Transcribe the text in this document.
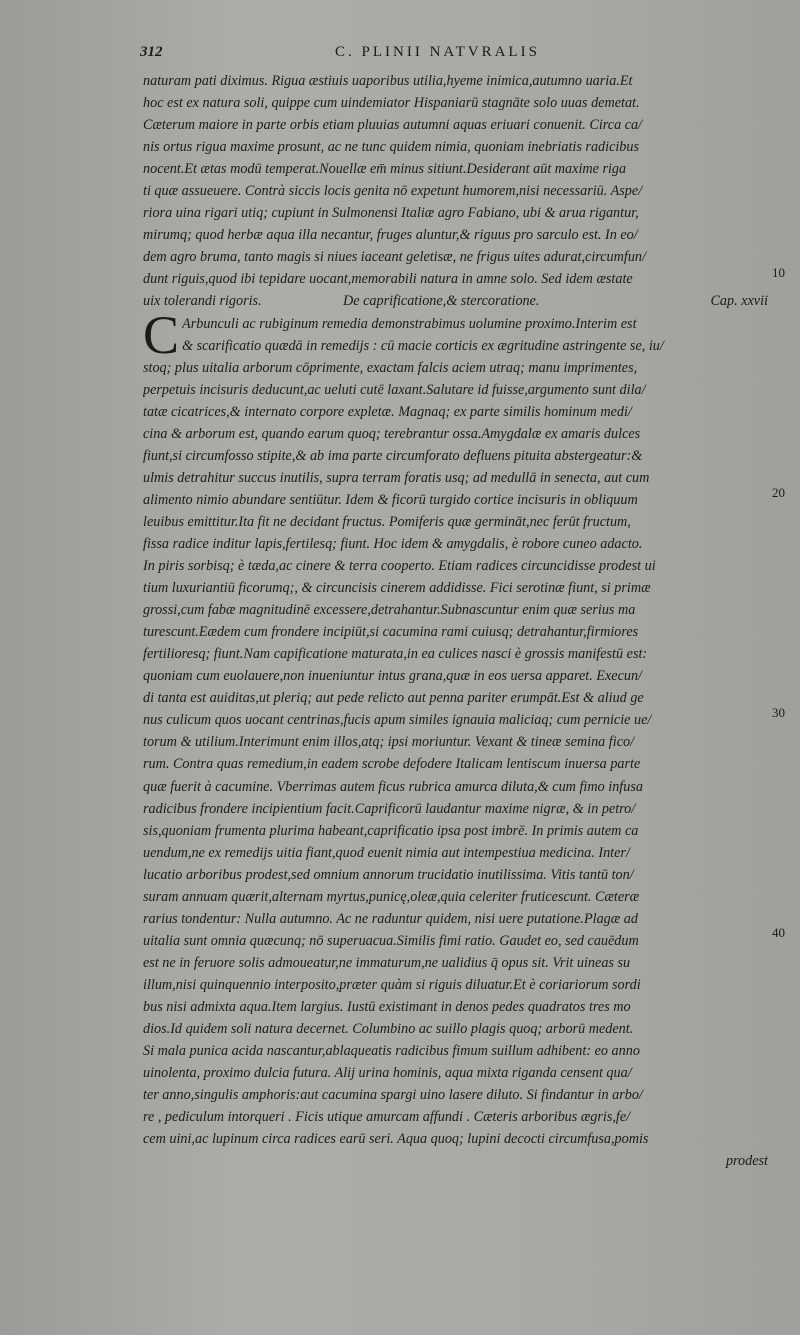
312	C. PLINII NATVRALIS
naturam pati diximus. Rigua æstiuis uaporibus utilia,hyeme inimica,autumno uaria.Et
hoc est ex natura soli, quippe cum uindemiator Hispaniarū stagnāte solo uuas demetat.
Cæterum maiore in parte orbis etiam pluuias autumni aquas eriuari conuenit. Circa ca/
nis ortus rigua maxime prosunt, ac ne tunc quidem nimia, quoniam inebriatis radicibus
nocent.Et ætas modū temperat.Nouellæ em̄ minus sitiunt.Desiderant aūt maxime riga
ti quæ assueuere. Contrà siccis locis genita nō expetunt humorem,nisi necessariū. Aspe/
riora uina rigari utiq; cupiunt in Sulmonensi Italiæ agro Fabiano, ubi & arua rigantur,
mirumq; quod herbæ aqua illa necantur, fruges aluntur,& riguus pro sarculo est. In eo/
dem agro bruma, tanto magis si niues iaceant geletisæ, ne frigus uites adurat,circumfun/
dunt riguis,quod ibi tepidare uocant,memorabili natura in amne solo. Sed idem æstate
uix tolerandi rigoris.	De caprificatione,& stercoratione.	Cap. xxvii
C Arbunculi ac rubiginum remedia demonstrabimus uolumine proximo.Interim est
& scarificatio quædā in remedijs : cū macie corticis ex ægritudine astringente se, iu/
stoq; plus uitalia arborum cōprimente, exactam falcis aciem utraq; manu imprimentes,
perpetuis incisuris deducunt,ac ueluti cutē laxant.Salutare id fuisse,argumento sunt dila/
tatæ cicatrices,& internato corpore expletæ. Magnaq; ex parte similis hominum medi/
cina & arborum est, quando earum quoq; terebrantur ossa.Amygdalæ ex amaris dulces
fiunt,si circumfosso stipite,& ab ima parte circumforato defluens pituita abstergeatur:&
ulmis detrahitur succus inutilis, supra terram foratis usq; ad medullā in senecta, aut cum
alimento nimio abundare sentiūtur. Idem & ficorū turgido cortice incisuris in obliquum
leuibus emittitur.Ita fit ne decidant fructus. Pomiferis quæ germināt,nec ferūt fructum,
fissa radice inditur lapis,fertilesq; fiunt. Hoc idem & amygdalis, è robore cuneo adacto.
In piris sorbisq; è tæda,ac cinere & terra cooperto. Etiam radices circuncidisse prodest ui
tium luxuriantiū ficorumq;, & circuncisis cinerem addidisse. Fici serotinæ fiunt, si primæ
grossi,cum fabæ magnitudinē excessere,detrahantur.Subnascuntur enim quæ serius ma
turescunt.Eædem cum frondere incipiūt,si cacumina rami cuiusq; detrahantur,firmiores
fertilioresq; fiunt.Nam capificatione maturata,in ea culices nasci è grossis manifestū est:
quoniam cum euolauere,non inueniuntur intus grana,quæ in eos uersa apparet. Execun/
di tanta est auiditas,ut pleriq; aut pede relicto aut penna pariter erumpāt.Est & aliud ge
nus culicum quos uocant centrinas,fucis apum similes ignauia maliciaq; cum pernicie ue/
torum & utilium.Interimunt enim illos,atq; ipsi moriuntur. Vexant & tineæ semina fico/
rum. Contra quas remedium,in eadem scrobe defodere Italicam lentiscum inuersa parte
quæ fuerit à cacumine. Vberrimas autem ficus rubrica amurca diluta,& cum fimo infusa
radicibus frondere incipientium facit.Caprificorū laudantur maxime nigræ, & in petro/
sis,quoniam frumenta plurima habeant,caprificatio ipsa post imbrē. In primis autem ca
uendum,ne ex remedijs uitia fiant,quod euenit nimia aut intempestiua medicina. Inter/
lucatio arboribus prodest,sed omnium annorum trucidatio inutilissima. Vitis tantū ton/
suram annuam quærit,alternam myrtus,punicę,oleæ,quia celeriter fruticescunt. Cæteræ
rarius tondentur: Nulla autumno. Ac ne raduntur quidem, nisi uere putatione.Plagæ ad
uitalia sunt omnia quæcunq; nō superuacua.Similis fimi ratio. Gaudet eo, sed cauēdum
est ne in feruore solis admoueatur,ne immaturum,ne ualidius q̄ opus sit. Vrit uineas su
illum,nisi quinquennio interposito,præter quàm si riguis diluatur.Et è coriariorum sordi
bus nisi admixta aqua.Item largius. Iustū existimant in denos pedes quadratos tres mo
dios.Id quidem soli natura decernet. Columbino ac suillo plagis quoq; arborū medent.
Si mala punica acida nascantur,ablaqueatis radicibus fimum suillum adhibent: eo anno
uinolenta, proximo dulcia futura. Alij urina hominis, aqua mixta riganda censent qua/
ter anno,singulis amphoris:aut cacumina spargi uino lasere diluto. Si findantur in arbo/
re , pediculum intorqueri . Ficis utique amurcam affundi . Cæteris arboribus ægris,fe/
cem uini,ac lupinum circa radices earū seri. Aqua quoq; lupini decocti circumfusa,pomis
prodest
10
20
30
40
